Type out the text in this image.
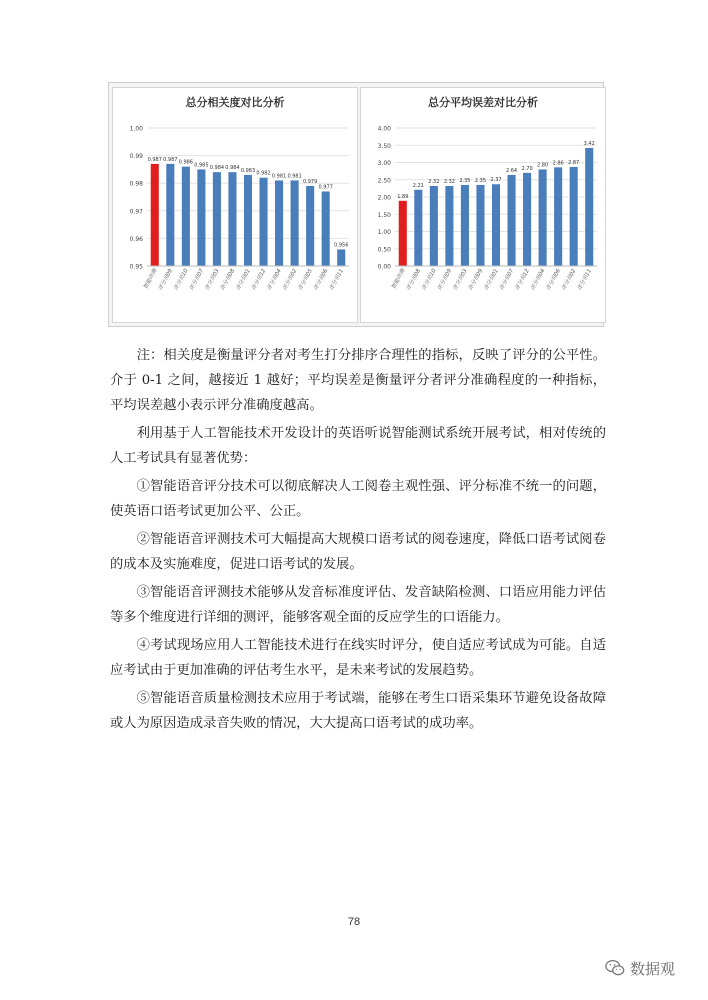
总分相关度对比分析
0.95
0.96
0.97
0.98
0.99
1.00
0.987
智能评测
0.987
评分员09
0.986
评分员10
0.985
评分员07
0.984
评分员03
0.984
评分员08
0.983
评分员01
0.982
评分员12
0.981
评分员04
0.981
评分员02
0.979
评分员05
0.977
评分员06
0.956
评分员11
总分平均误差对比分析
0.00
0.50
1.00
1.50
2.00
2.50
3.00
3.50
4.00
1.89
智能评测
2.21
评分员08
2.32
评分员10
2.32
评分员09
2.35
评分员03
2.35
评分员09
2.37
评分员01
2.64
评分员07
2.70
评分员12
2.80
评分员04
2.86
评分员06
2.87
评分员02
3.42
评分员11

注：相关度是衡量评分者对考生打分排序合理性的指标，反映了评分的公平性。介于 0-1 之间，越接近 1 越好；平均误差是衡量评分者评分准确程度的一种指标，平均误差越小表示评分准确度越高。

利用基于人工智能技术开发设计的英语听说智能测试系统开展考试，相对传统的人工考试具有显著优势：

①智能语音评分技术可以彻底解决人工阅卷主观性强、评分标准不统一的问题，使英语口语考试更加公平、公正。

②智能语音评测技术可大幅提高大规模口语考试的阅卷速度，降低口语考试阅卷的成本及实施难度，促进口语考试的发展。

③智能语音评测技术能够从发音标准度评估、发音缺陷检测、口语应用能力评估等多个维度进行详细的测评，能够客观全面的反应学生的口语能力。

④考试现场应用人工智能技术进行在线实时评分，使自适应考试成为可能。自适应考试由于更加准确的评估考生水平，是未来考试的发展趋势。

⑤智能语音质量检测技术应用于考试端，能够在考生口语采集环节避免设备故障或人为原因造成录音失败的情况，大大提高口语考试的成功率。

78
数据观
